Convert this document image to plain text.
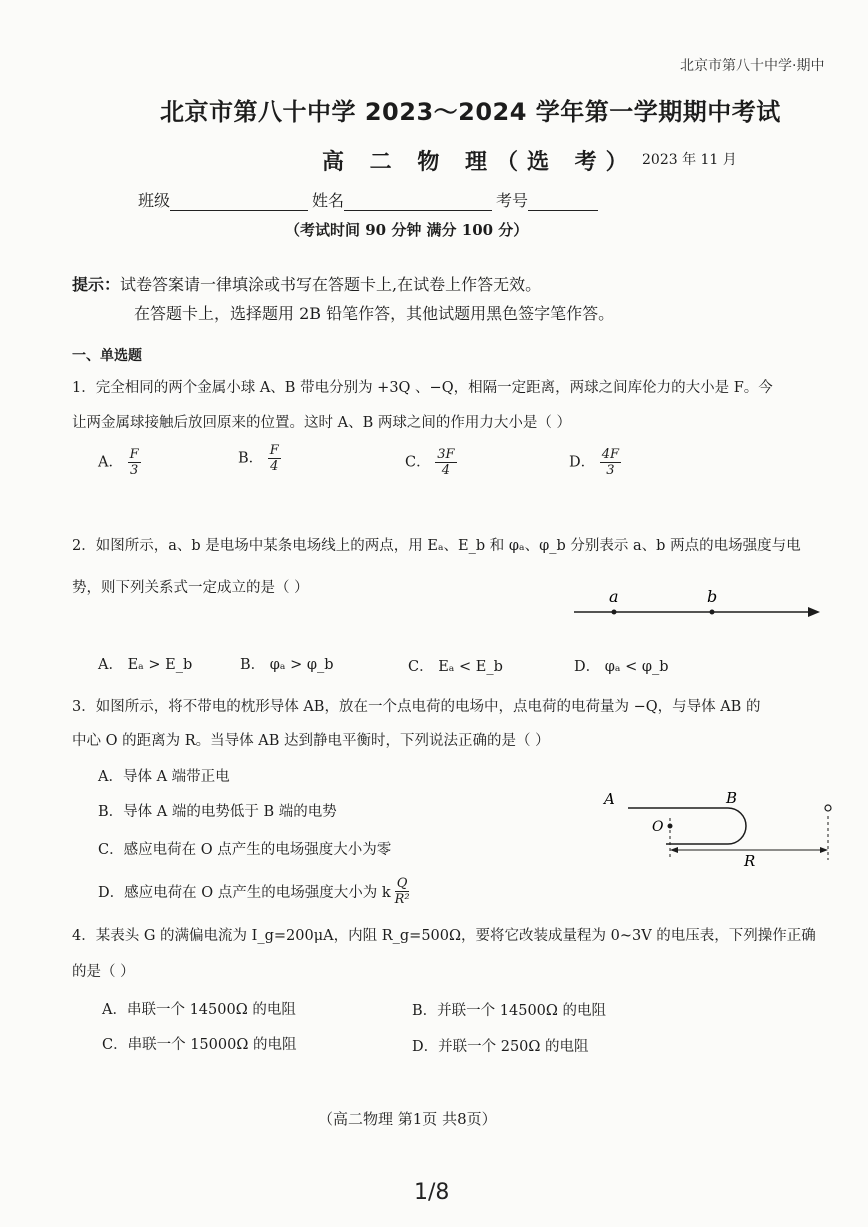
北京市第八十中学·期中
北京市第八十中学 2023～2024 学年第一学期期中考试
高 二 物 理（选 考） 2023 年 11 月
班级	姓名	考号
（考试时间 90 分钟 满分 100 分）
提示：试卷答案请一律填涂或书写在答题卡上,在试卷上作答无效。
在答题卡上，选择题用 2B 铅笔作答，其他试题用黑色签字笔作答。
一、单选题
1．完全相同的两个金属小球 A、B 带电分别为 +3Q 、−Q，相隔一定距离，两球之间库伦力的大小是 F。今
让两金属球接触后放回原来的位置。这时 A、B 两球之间的作用力大小是（ ）
A． $\frac{F}{3}$	B． $\frac{F}{4}$	C． $\frac{3F}{4}$	D． $\frac{4F}{3}$
2．如图所示，a、b 是电场中某条电场线上的两点，用 Eₐ、E_b 和 φₐ、φ_b 分别表示 a、b 两点的电场强度与电
势，则下列关系式一定成立的是（ ）	a	b
A． Eₐ > E_b	B． φₐ > φ_b	C． Eₐ < E_b	D． φₐ < φ_b
3．如图所示，将不带电的枕形导体 AB，放在一个点电荷的电场中，点电荷的电荷量为 −Q，与导体 AB 的
中心 O 的距离为 R。当导体 AB 达到静电平衡时，下列说法正确的是（ ）
A．导体 A 端带正电
B．导体 A 端的电势低于 B 端的电势
C．感应电荷在 O 点产生的电场强度大小为零
D．感应电荷在 O 点产生的电场强度大小为 k $\frac{Q}{\text{R²}}$
A	B
O
R
4．某表头 G 的满偏电流为 I_g=200μA，内阻 R_g=500Ω，要将它改装成量程为 0~3V 的电压表，下列操作正确
的是（ ）
A．串联一个 14500Ω 的电阻	B．并联一个 14500Ω 的电阻
C．串联一个 15000Ω 的电阻	D．并联一个 250Ω 的电阻
（高二物理 第1页 共8页）
1/8
